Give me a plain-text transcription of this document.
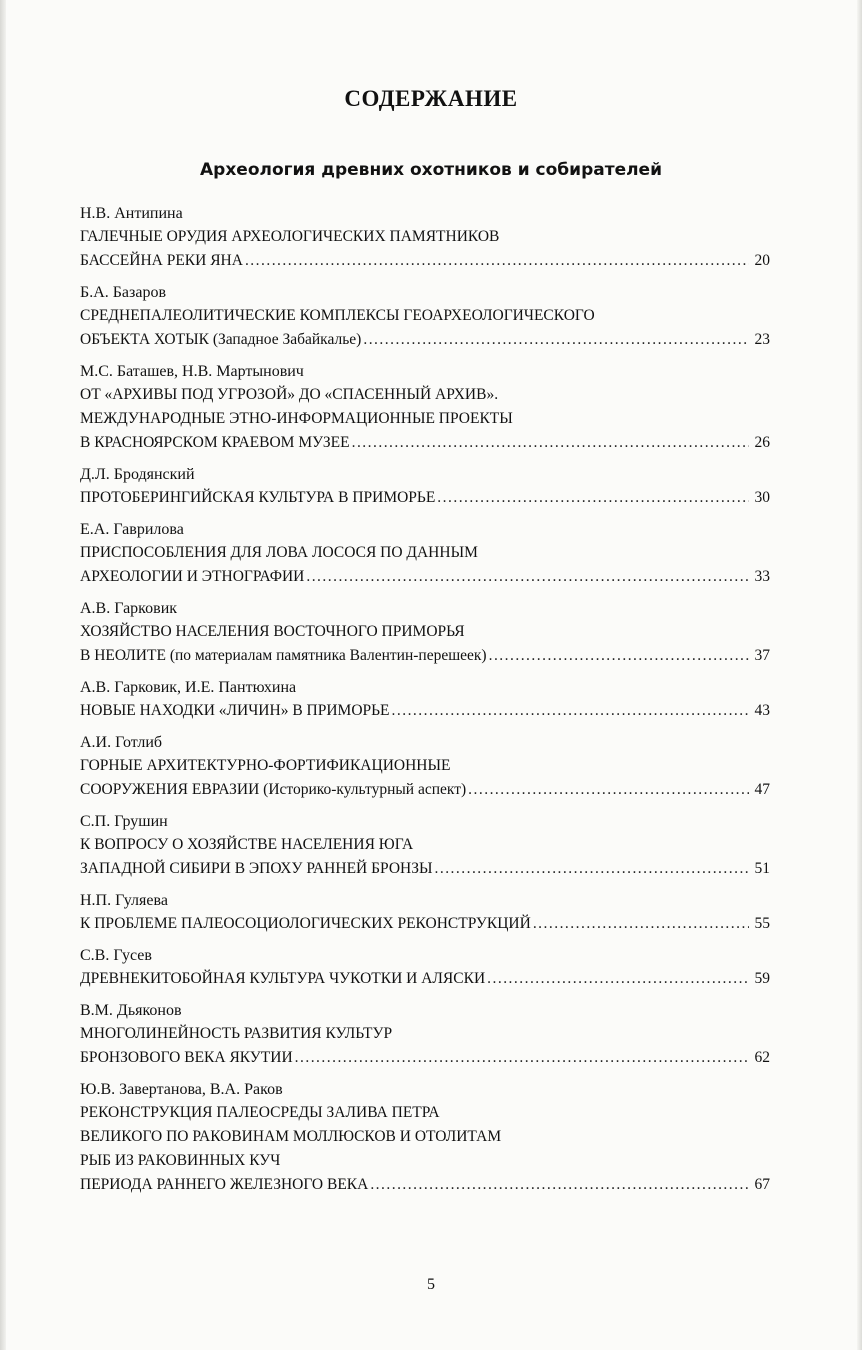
СОДЕРЖАНИЕ
Археология древних охотников и собирателей
Н.В. Антипина
ГАЛЕЧНЫЕ ОРУДИЯ АРХЕОЛОГИЧЕСКИХ ПАМЯТНИКОВ
БАССЕЙНА РЕКИ ЯНА . . .	20
Б.А. Базаров
СРЕДНЕПАЛЕОЛИТИЧЕСКИЕ КОМПЛЕКСЫ ГЕОАРХЕОЛОГИЧЕСКОГО
ОБЪЕКТА ХОТЫК (Западное Забайкалье) . . .	23
М.С. Баташев, Н.В. Мартынович
ОТ «АРХИВЫ ПОД УГРОЗОЙ» ДО «СПАСЕННЫЙ АРХИВ».
МЕЖДУНАРОДНЫЕ ЭТНО-ИНФОРМАЦИОННЫЕ ПРОЕКТЫ
В КРАСНОЯРСКОМ КРАЕВОМ МУЗЕЕ . . .	26
Д.Л. Бродянский
ПРОТОБЕРИНГИЙСКАЯ КУЛЬТУРА В ПРИМОРЬЕ . . .	30
Е.А. Гаврилова
ПРИСПОСОБЛЕНИЯ ДЛЯ ЛОВА ЛОСОСЯ ПО ДАННЫМ
АРХЕОЛОГИИ И ЭТНОГРАФИИ . . .	33
А.В. Гарковик
ХОЗЯЙСТВО НАСЕЛЕНИЯ ВОСТОЧНОГО ПРИМОРЬЯ
В НЕОЛИТЕ (по материалам памятника Валентин-перешеек) . . .	37
А.В. Гарковик, И.Е. Пантюхина
НОВЫЕ НАХОДКИ «ЛИЧИН» В ПРИМОРЬЕ . . .	43
А.И. Готлиб
ГОРНЫЕ АРХИТЕКТУРНО-ФОРТИФИКАЦИОННЫЕ
СООРУЖЕНИЯ ЕВРАЗИИ (Историко-культурный аспект) . . .	47
С.П. Грушин
К ВОПРОСУ О ХОЗЯЙСТВЕ НАСЕЛЕНИЯ ЮГА
ЗАПАДНОЙ СИБИРИ В ЭПОХУ РАННЕЙ БРОНЗЫ . . .	51
Н.П. Гуляева
К ПРОБЛЕМЕ ПАЛЕОСОЦИОЛОГИЧЕСКИХ РЕКОНСТРУКЦИЙ . . .	55
С.В. Гусев
ДРЕВНЕКИТОБОЙНАЯ КУЛЬТУРА ЧУКОТКИ И АЛЯСКИ . . .	59
В.М. Дьяконов
МНОГОЛИНЕЙНОСТЬ РАЗВИТИЯ КУЛЬТУР
БРОНЗОВОГО ВЕКА ЯКУТИИ . . .	62
Ю.В. Завертанова, В.А. Раков
РЕКОНСТРУКЦИЯ ПАЛЕОСРЕДЫ ЗАЛИВА ПЕТРА
ВЕЛИКОГО ПО РАКОВИНАМ МОЛЛЮСКОВ И ОТОЛИТАМ
РЫБ ИЗ РАКОВИННЫХ КУЧ
ПЕРИОДА РАННЕГО ЖЕЛЕЗНОГО ВЕКА . . .	67
5
